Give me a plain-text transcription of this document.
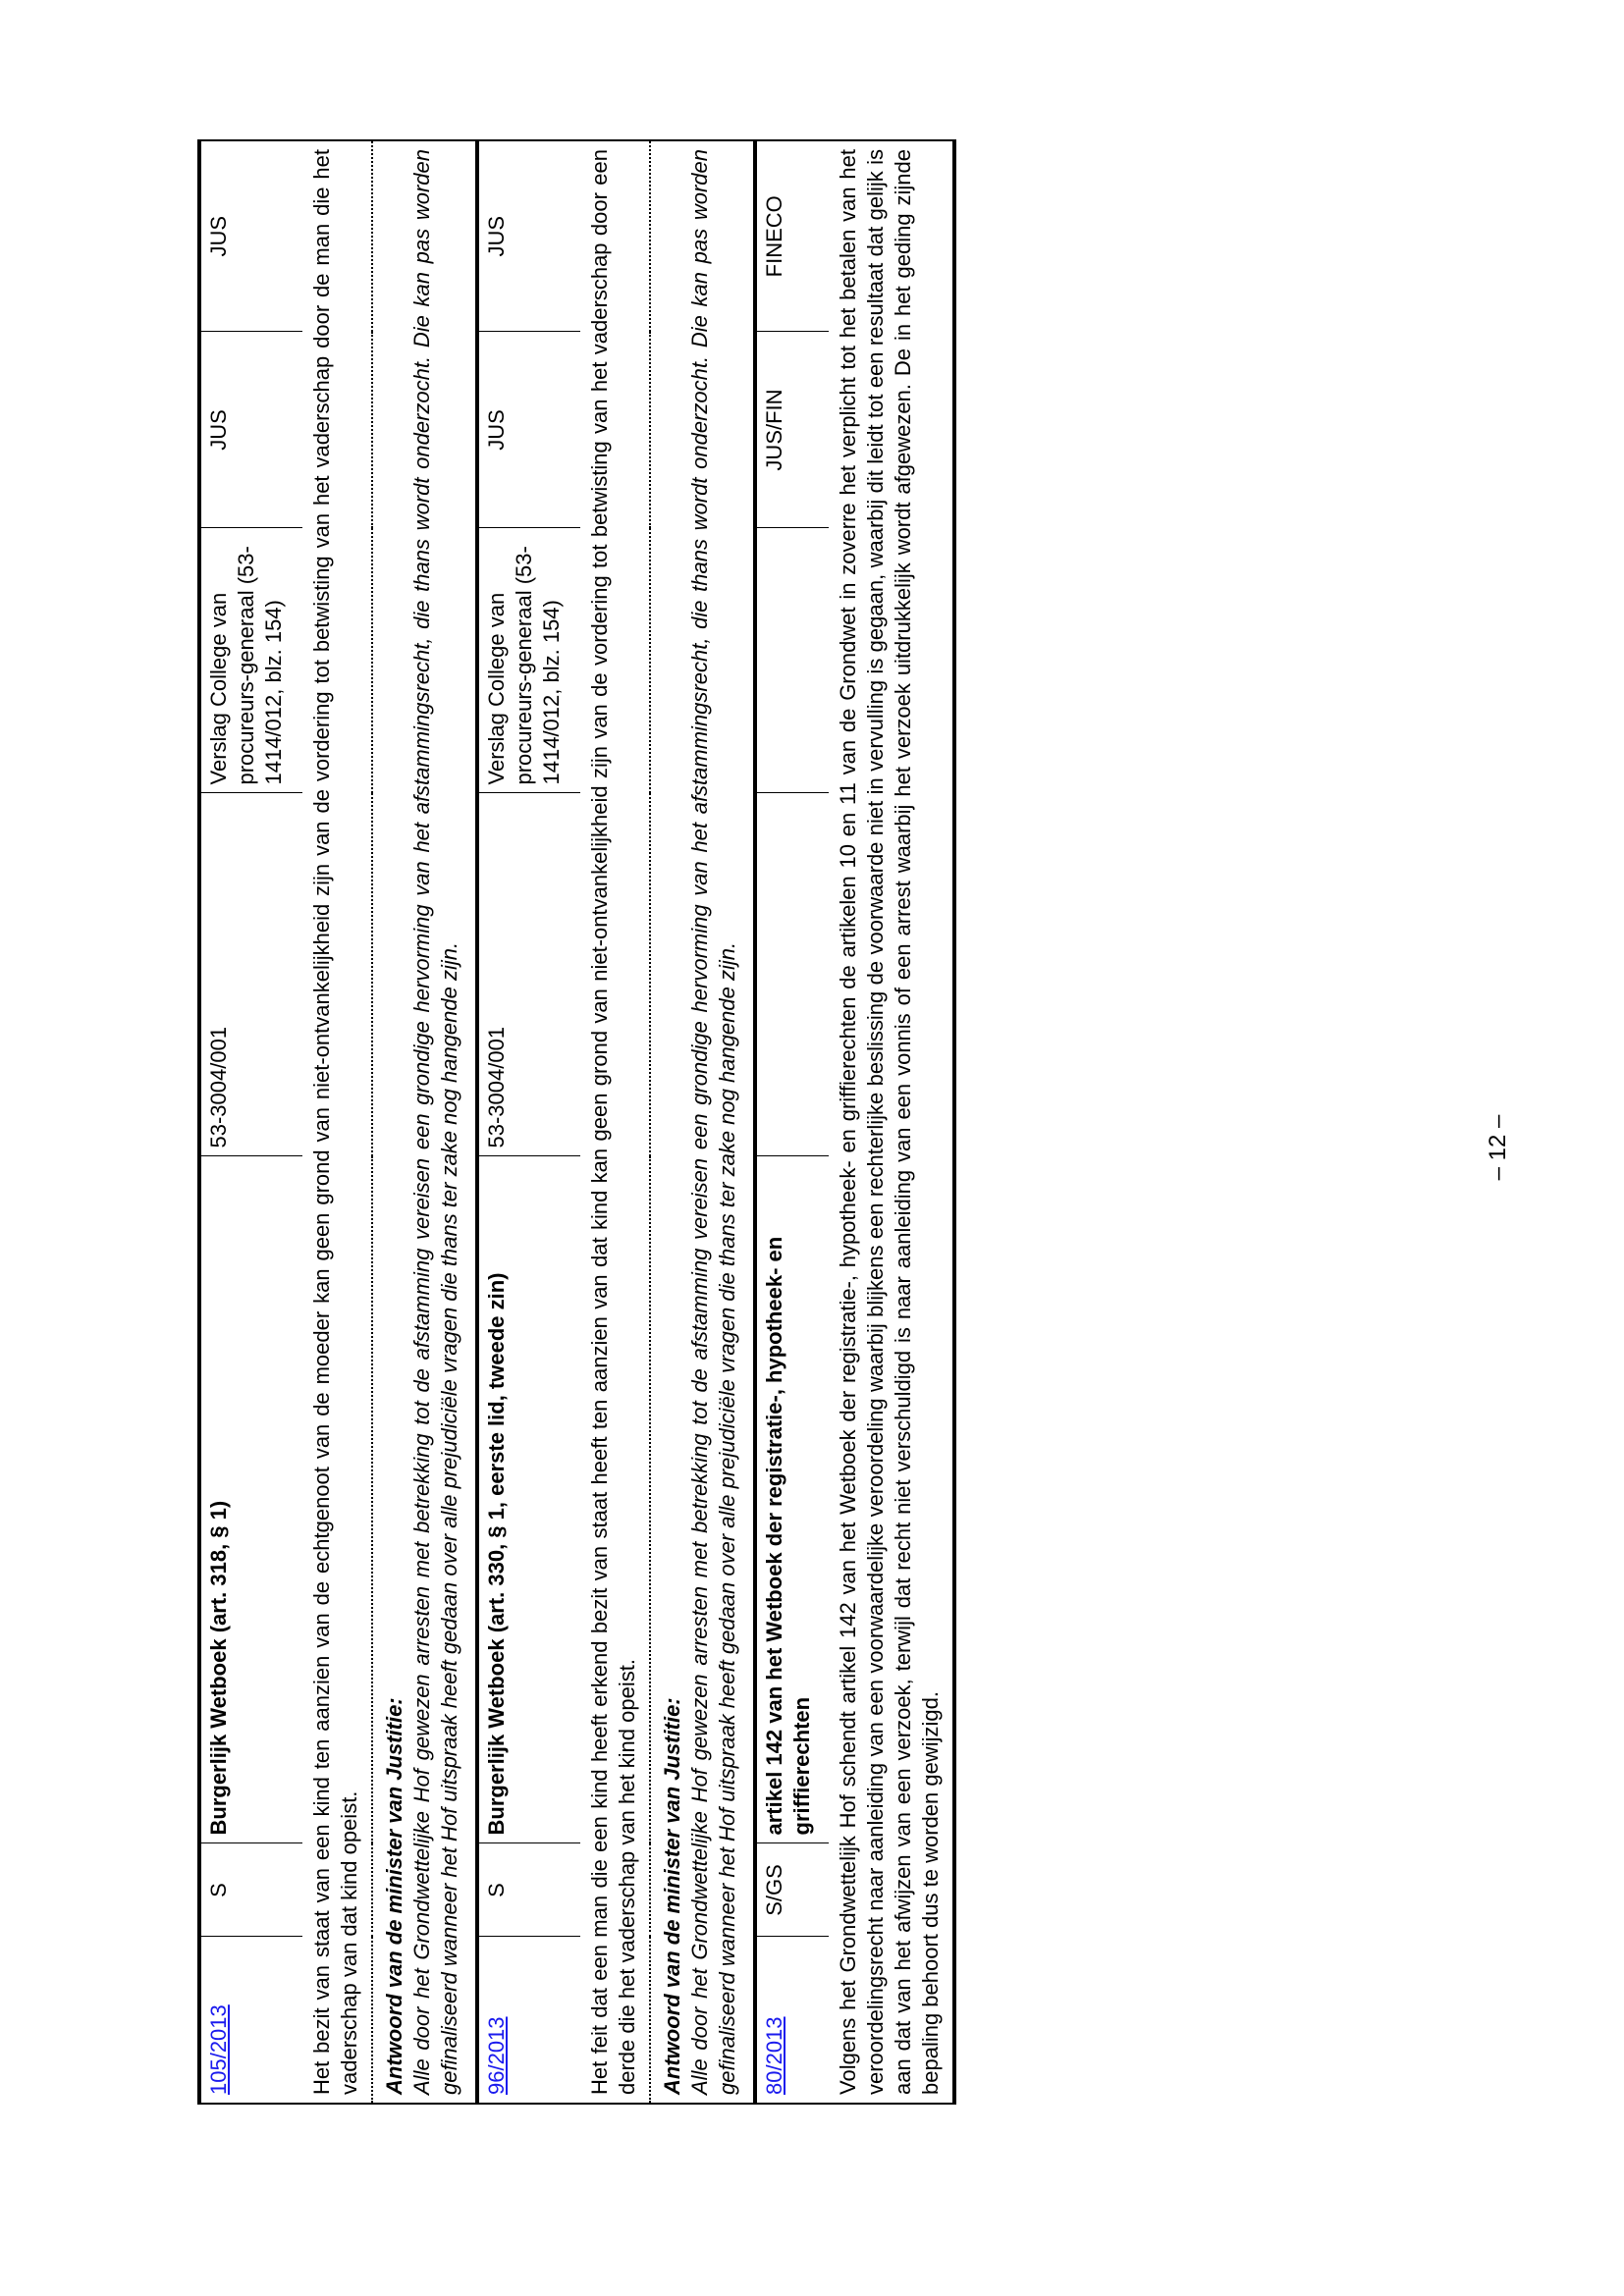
105/2013	S	Burgerlijk Wetboek (art. 318, § 1)	53-3004/001	Verslag College van procureurs-generaal (53-1414/012, blz. 154)	JUS	JUS
Het bezit van staat van een kind ten aanzien van de echtgenoot van de moeder kan geen grond van niet-ontvankelijkheid zijn van de vordering tot betwisting van het vaderschap door de man die het vaderschap van dat kind opeist.						

Antwoord van de minister van Justitie: Alle door het Grondwettelijke Hof gewezen arresten met betrekking tot de afstamming vereisen een grondige hervorming van het afstammingsrecht, die thans wordt onderzocht. Die kan pas worden gefinaliseerd wanneer het Hof uitspraak heeft gedaan over alle prejudiciële vragen die thans ter zake nog hangende zijn.						

96/2013	S	Burgerlijk Wetboek (art. 330, § 1, eerste lid, tweede zin)	53-3004/001	Verslag College van procureurs-generaal (53-1414/012, blz. 154)	JUS	JUS
Het feit dat een man die een kind heeft erkend bezit van staat heeft ten aanzien van dat kind kan geen grond van niet-ontvankelijkheid zijn van de vordering tot betwisting van het vaderschap door een derde die het vaderschap van het kind opeist.						

Antwoord van de minister van Justitie: Alle door het Grondwettelijke Hof gewezen arresten met betrekking tot de afstamming vereisen een grondige hervorming van het afstammingsrecht, die thans wordt onderzocht. Die kan pas worden gefinaliseerd wanneer het Hof uitspraak heeft gedaan over alle prejudiciële vragen die thans ter zake nog hangende zijn.						

80/2013	S/GS	artikel 142 van het Wetboek der registratie-, hypotheek- en griffierechten			JUS/FIN	FINECO
Volgens het Grondwettelijk Hof schendt artikel 142 van het Wetboek der registratie-, hypotheek- en griffierechten de artikelen 10 en 11 van de Grondwet in zoverre het verplicht tot het betalen van het veroordelingsrecht naar aanleiding van een voorwaardelijke veroordeling waarbij blijkens een rechterlijke beslissing de voorwaarde niet in vervulling is gegaan, waarbij dit leidt tot een resultaat dat gelijk is aan dat van het afwijzen van een verzoek, terwijl dat recht niet verschuldigd is naar aanleiding van een vonnis of een arrest waarbij het verzoek uitdrukkelijk wordt afgewezen. De in het geding zijnde bepaling behoort dus te worden gewijzigd.						
– 12 –
